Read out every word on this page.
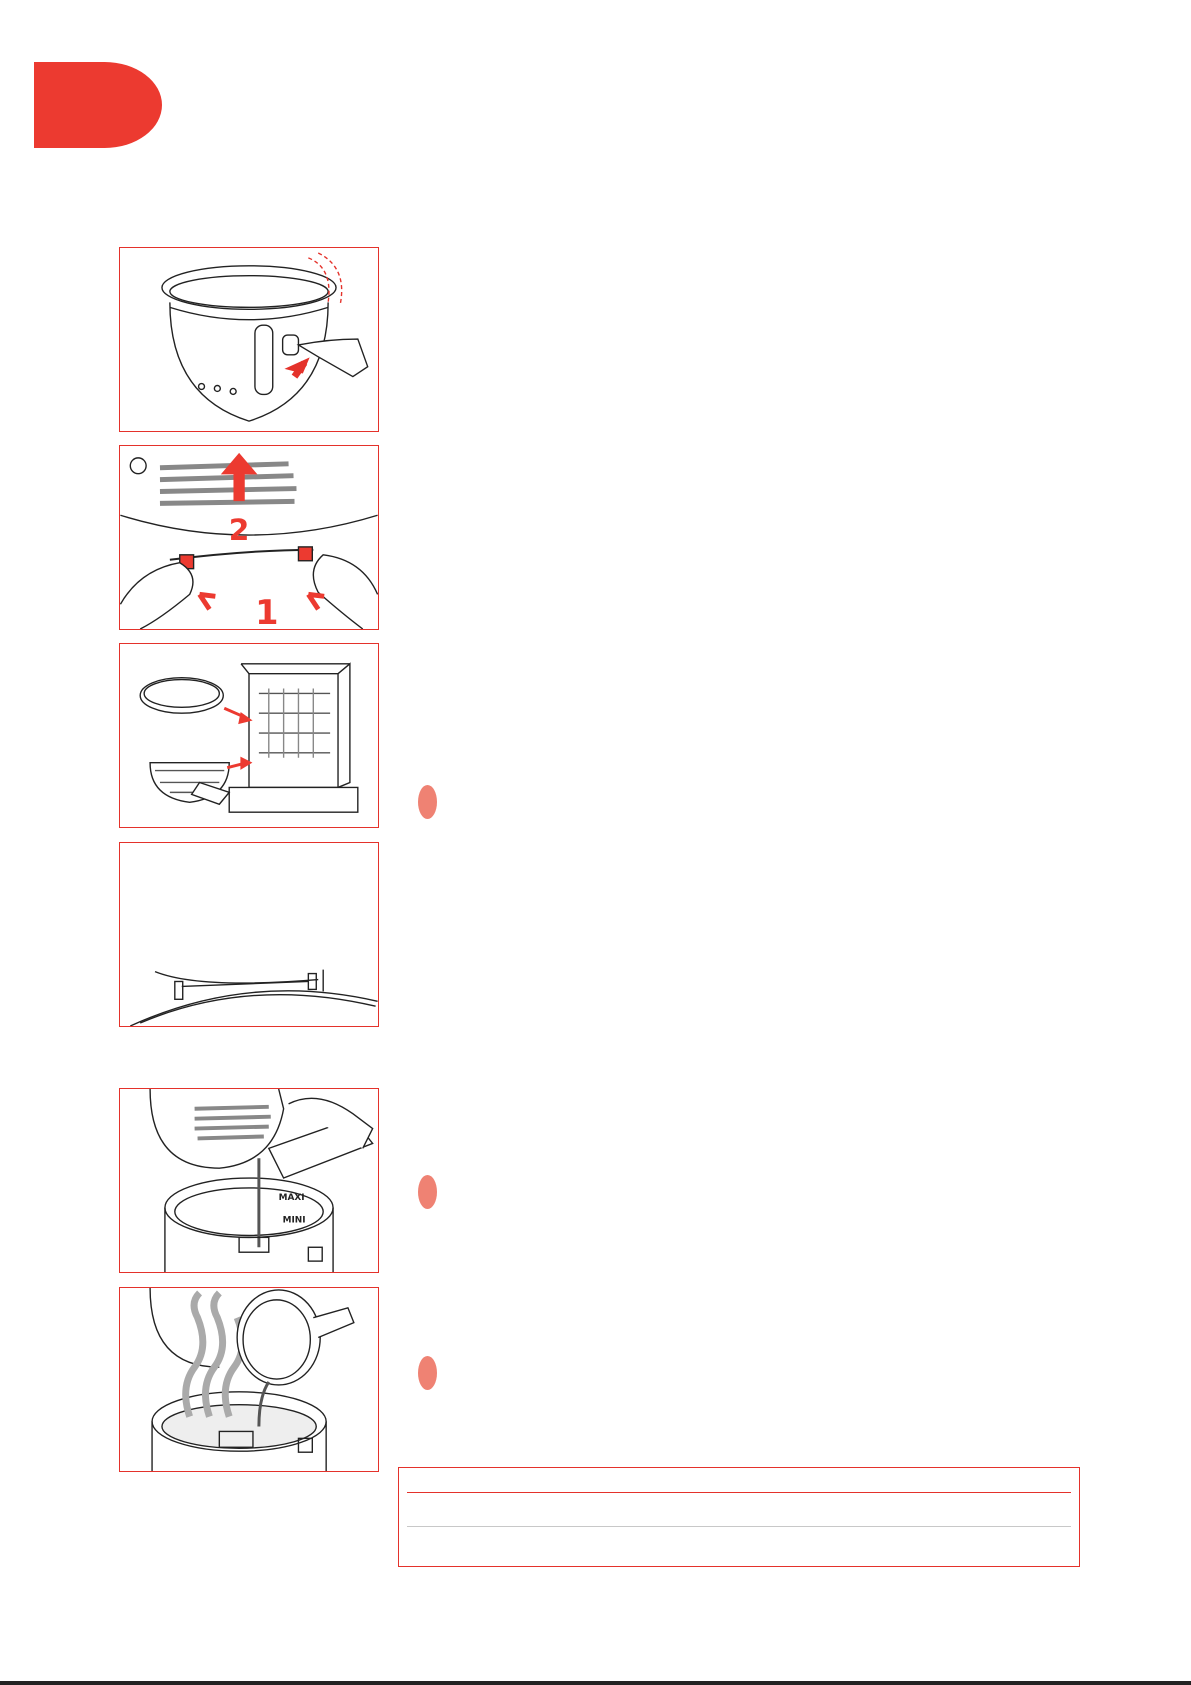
2
1
MAXI
MINI
